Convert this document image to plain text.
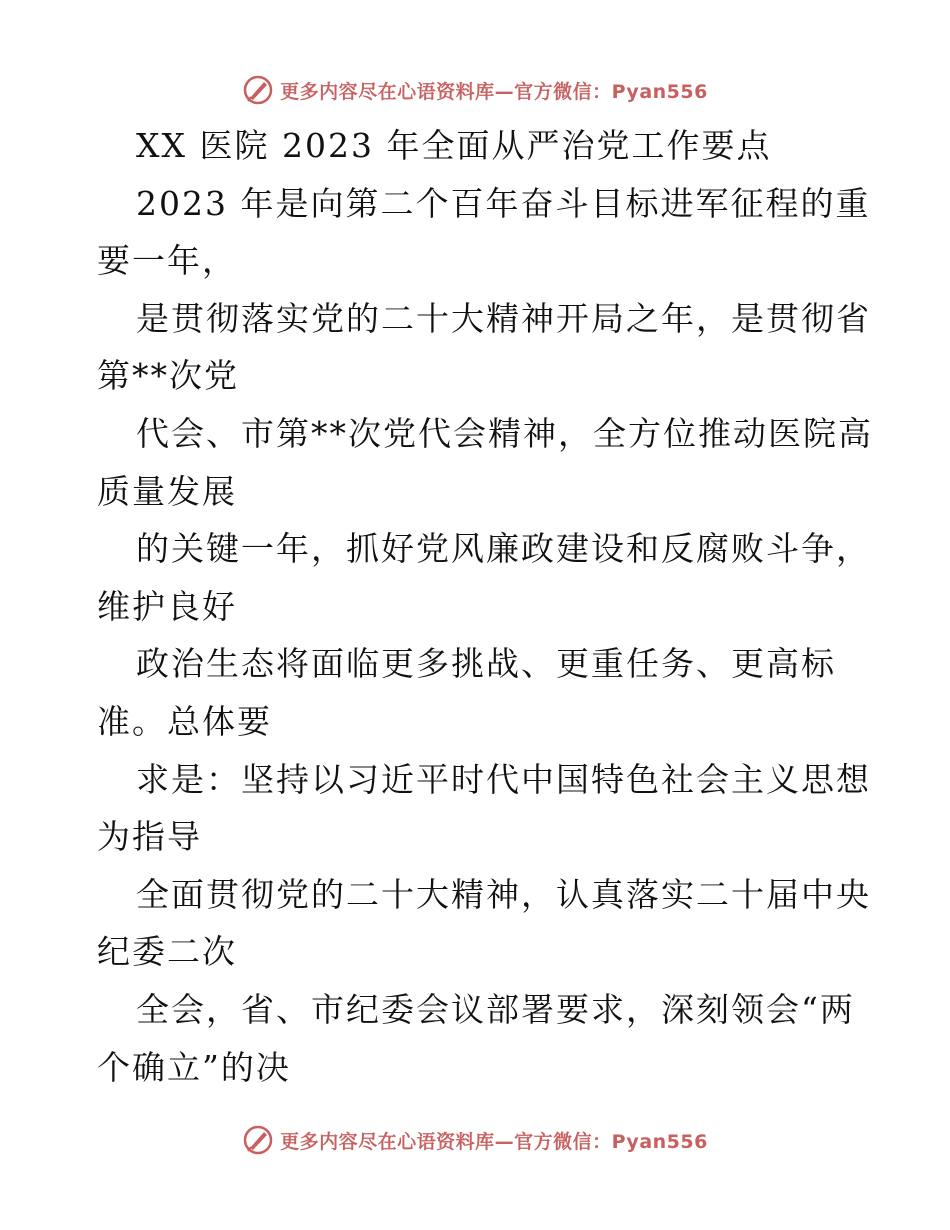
更多内容尽在心语资料库—官方微信：Pyan556
XX 医院 2023 年全面从严治党工作要点
2023 年是向第二个百年奋斗目标进军征程的重
要一年，
是贯彻落实党的二十大精神开局之年，是贯彻省
第**次党
代会、市第**次党代会精神，全方位推动医院高
质量发展
的关键一年，抓好党风廉政建设和反腐败斗争，
维护良好
政治生态将面临更多挑战、更重任务、更高标
准。总体要
求是：坚持以习近平时代中国特色社会主义思想
为指导
全面贯彻党的二十大精神，认真落实二十届中央
纪委二次
全会，省、市纪委会议部署要求，深刻领会“两
个确立”的决
更多内容尽在心语资料库—官方微信：Pyan556
